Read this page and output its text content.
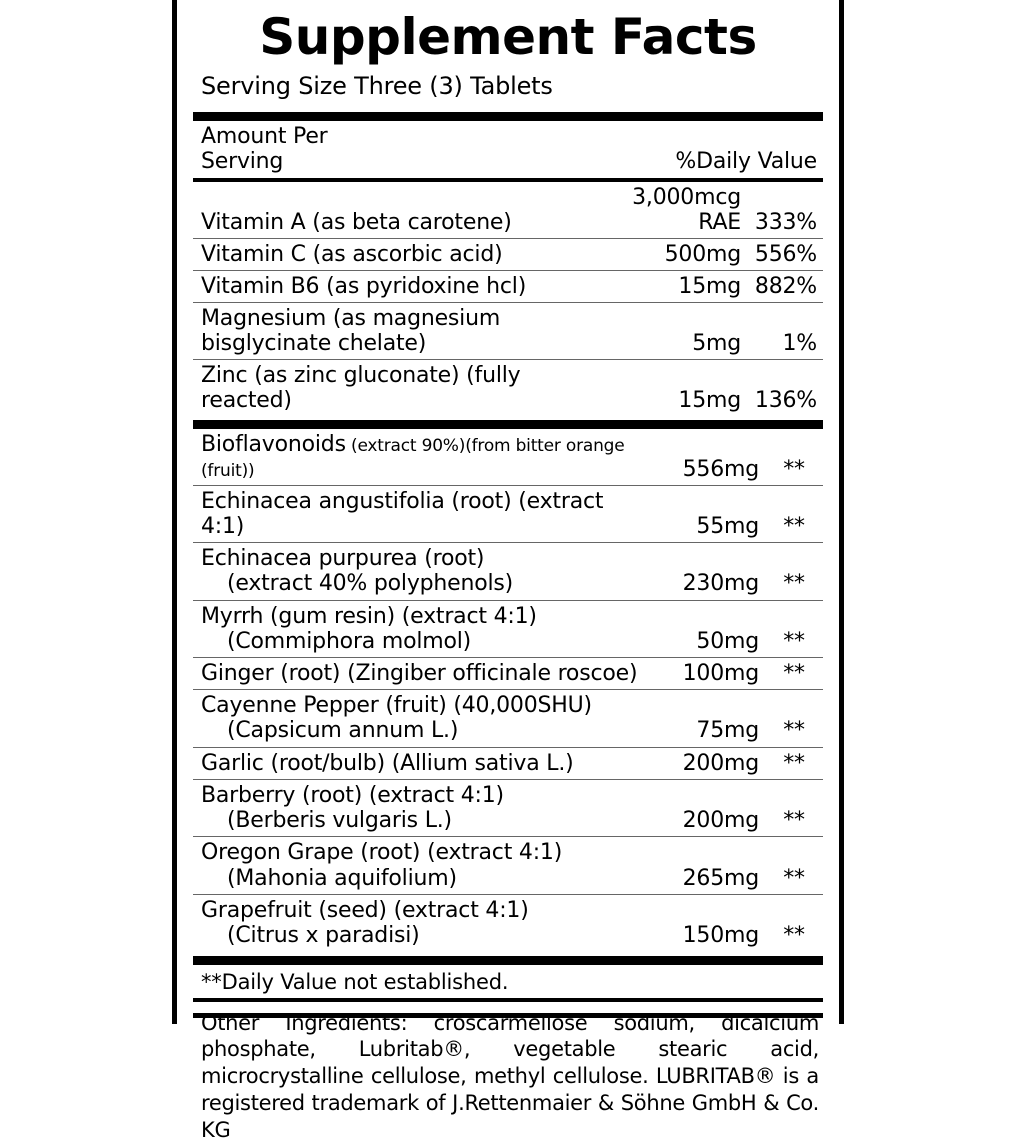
Supplement Facts
Serving Size Three (3) Tablets
Amount Per Serving	%Daily Value
Vitamin A (as beta carotene)	3,000mcg RAE	333%
Vitamin C (as ascorbic acid)	500mg	556%
Vitamin B6 (as pyridoxine hcl)	15mg	882%
Magnesium (as magnesium bisglycinate chelate)	5mg	1%
Zinc (as zinc gluconate) (fully reacted)	15mg	136%
Bioflavonoids (extract 90%)(from bitter orange (fruit))	556mg	**
Echinacea angustifolia (root) (extract 4:1)	55mg	**

Echinacea purpurea (root)
(extract 40% polyphenols)	230mg	**

Myrrh (gum resin) (extract 4:1)
(Commiphora molmol)	50mg	**
Ginger (root) (Zingiber officinale roscoe)	100mg	**

Cayenne Pepper (fruit) (40,000SHU)
(Capsicum annum L.)	75mg	**
Garlic (root/bulb) (Allium sativa L.)	200mg	**

Barberry (root) (extract 4:1)
(Berberis vulgaris L.)	200mg	**

Oregon Grape (root) (extract 4:1)
(Mahonia aquifolium)	265mg	**

Grapefruit (seed) (extract 4:1)
(Citrus x paradisi)	150mg	**
**Daily Value not established.
Other Ingredients: croscarmellose sodium, dicalcium phosphate, Lubritab®, vegetable stearic acid, microcrystalline cellulose, methyl cellulose. LUBRITAB® is a registered trademark of J.Rettenmaier & Söhne GmbH & Co. KG
